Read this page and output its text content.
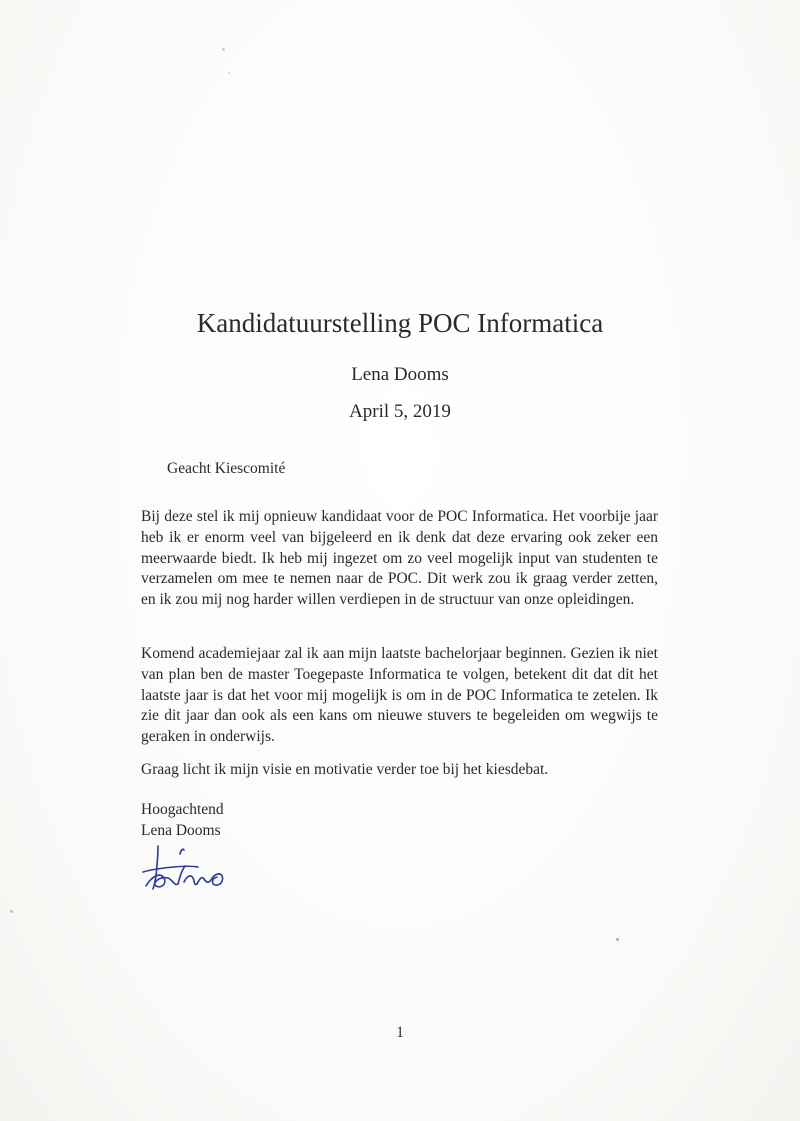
Kandidatuurstelling POC Informatica
Lena Dooms
April 5, 2019
Geacht Kiescomité

Bij deze stel ik mij opnieuw kandidaat voor de POC Informatica. Het voorbije jaar heb ik er enorm veel van bijgeleerd en ik denk dat deze ervaring ook zeker een meerwaarde biedt. Ik heb mij ingezet om zo veel mogelijk input van studenten te verzamelen om mee te nemen naar de POC. Dit werk zou ik graag verder zetten, en ik zou mij nog harder willen verdiepen in de structuur van onze opleidingen.

Komend academiejaar zal ik aan mijn laatste bachelorjaar beginnen. Gezien ik niet van plan ben de master Toegepaste Informatica te volgen, betekent dit dat dit het laatste jaar is dat het voor mij mogelijk is om in de POC Informatica te zetelen. Ik zie dit jaar dan ook als een kans om nieuwe stuvers te begeleiden om wegwijs te geraken in onderwijs.

Graag licht ik mijn visie en motivatie verder toe bij het kiesdebat.

Hoogachtend
Lena Dooms
1
